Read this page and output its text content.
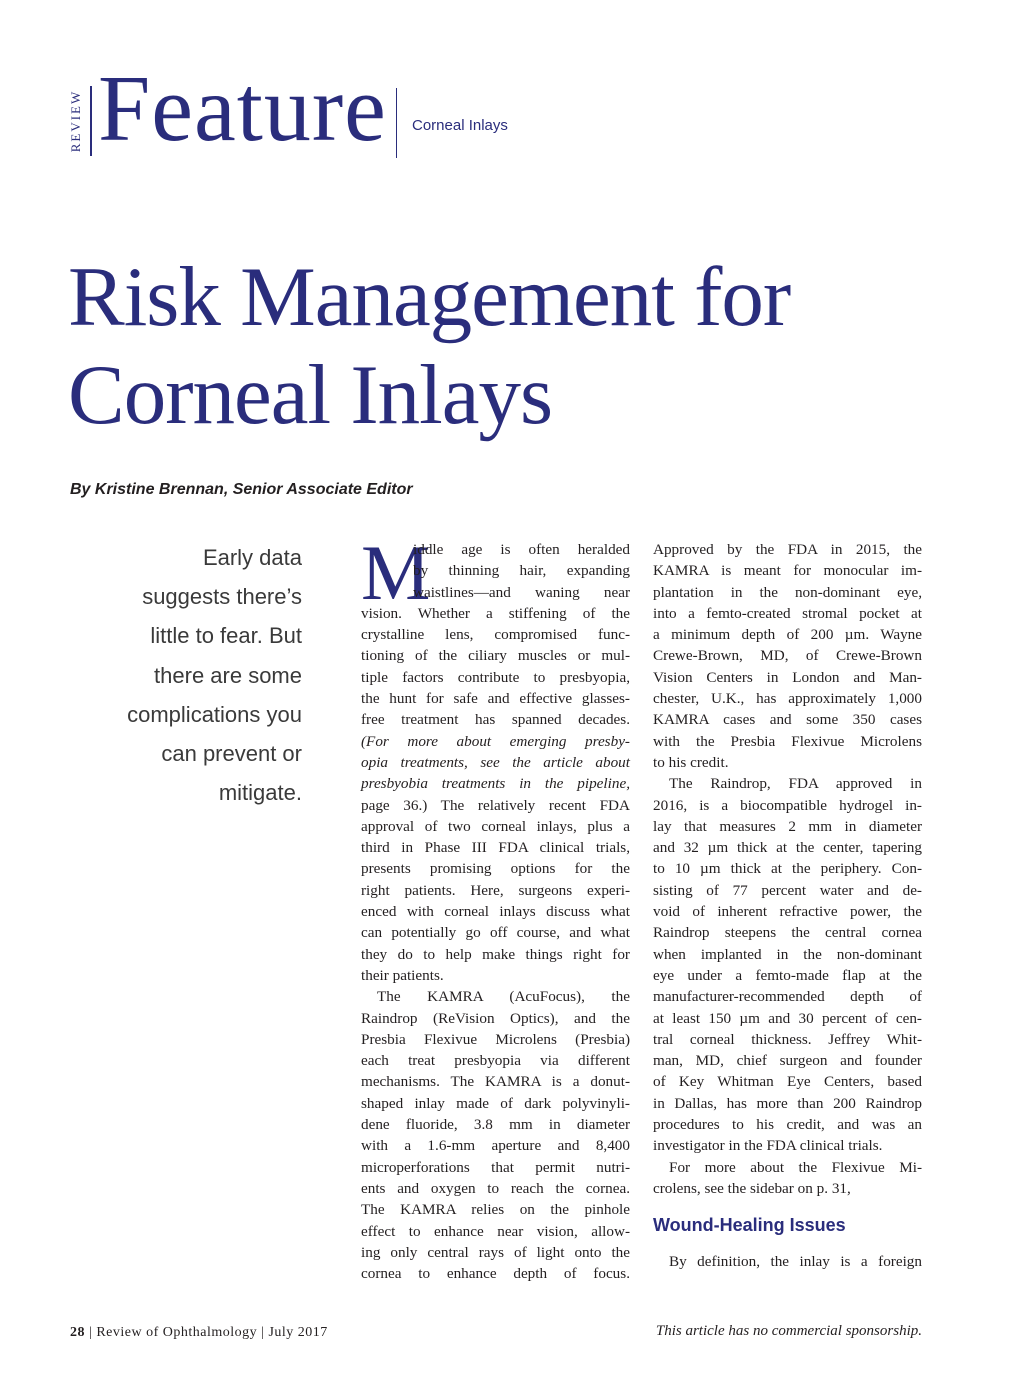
REVIEW Feature Corneal Inlays
Risk Management for
Corneal Inlays
By Kristine Brennan, Senior Associate Editor
Early data
suggests there’s
little to fear. But
there are some
complications you
can prevent or
mitigate.
M
iddle age is often heralded
by thinning hair, expanding
waistlines—and waning near
vision. Whether a stiffening of the
crystalline lens, compromised func-
tioning of the ciliary muscles or mul-
tiple factors contribute to presbyopia,
the hunt for safe and effective glasses-
free treatment has spanned decades.
(For more about emerging presby-
opia treatments, see the article about
presbyobia treatments in the pipeline,
page 36.) The relatively recent FDA
approval of two corneal inlays, plus a
third in Phase III FDA clinical trials,
presents promising options for the
right patients. Here, surgeons experi-
enced with corneal inlays discuss what
can potentially go off course, and what
they do to help make things right for
their patients.
The KAMRA (AcuFocus), the
Raindrop (ReVision Optics), and the
Presbia Flexivue Microlens (Presbia)
each treat presbyopia via different
mechanisms. The KAMRA is a donut-
shaped inlay made of dark polyvinyli-
dene fluoride, 3.8 mm in diameter
with a 1.6-mm aperture and 8,400
microperforations that permit nutri-
ents and oxygen to reach the cornea.
The KAMRA relies on the pinhole
effect to enhance near vision, allow-
ing only central rays of light onto the
cornea to enhance depth of focus.
Approved by the FDA in 2015, the
KAMRA is meant for monocular im-
plantation in the non-dominant eye,
into a femto-created stromal pocket at
a minimum depth of 200 µm. Wayne
Crewe-Brown, MD, of Crewe-Brown
Vision Centers in London and Man-
chester, U.K., has approximately 1,000
KAMRA cases and some 350 cases
with the Presbia Flexivue Microlens
to his credit.
The Raindrop, FDA approved in
2016, is a biocompatible hydrogel in-
lay that measures 2 mm in diameter
and 32 µm thick at the center, tapering
to 10 µm thick at the periphery. Con-
sisting of 77 percent water and de-
void of inherent refractive power, the
Raindrop steepens the central cornea
when implanted in the non-dominant
eye under a femto-made flap at the
manufacturer-recommended depth of
at least 150 µm and 30 percent of cen-
tral corneal thickness. Jeffrey Whit-
man, MD, chief surgeon and founder
of Key Whitman Eye Centers, based
in Dallas, has more than 200 Raindrop
procedures to his credit, and was an
investigator in the FDA clinical trials.
For more about the Flexivue Mi-
crolens, see the sidebar on p. 31,
Wound-Healing Issues
By definition, the inlay is a foreign
28 | Review of Ophthalmology | July 2017	This article has no commercial sponsorship.
